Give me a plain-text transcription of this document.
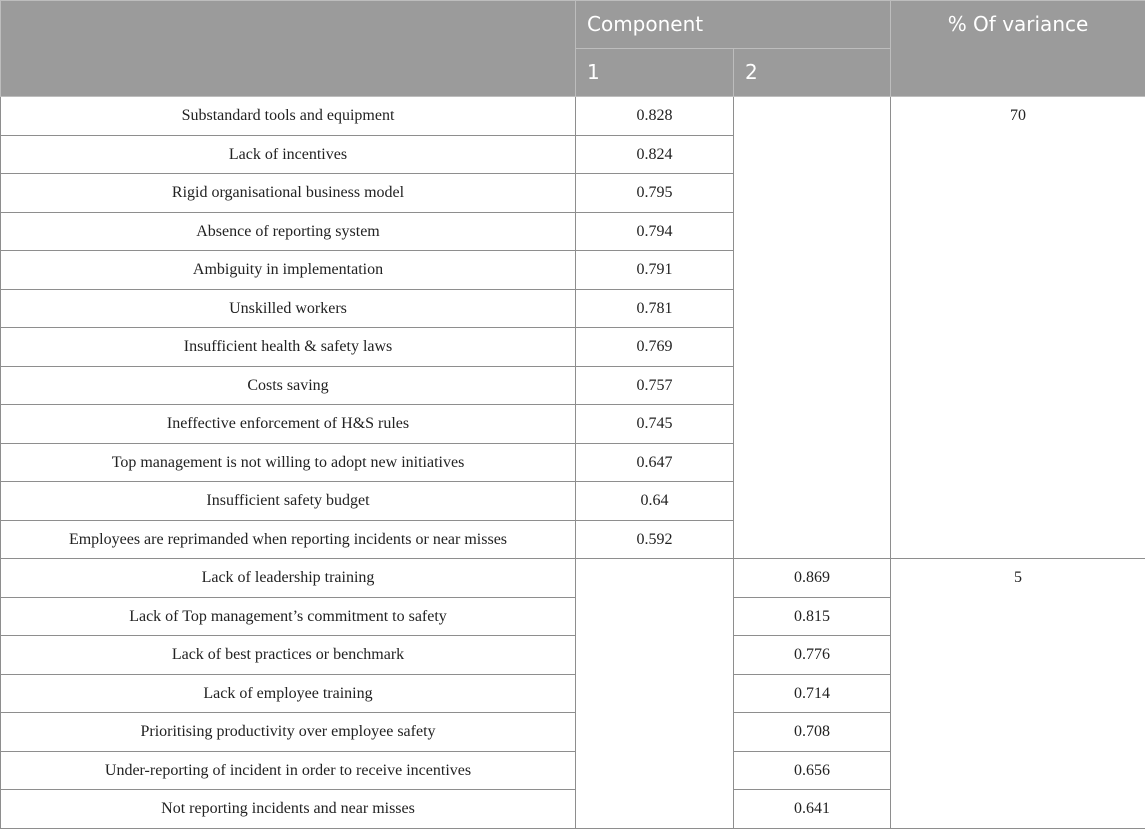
	Component		% Of variance
	1	2	
Substandard tools and equipment	0.828		70
Lack of incentives	0.824		
Rigid organisational business model	0.795		
Absence of reporting system	0.794		
Ambiguity in implementation	0.791		
Unskilled workers	0.781		
Insufficient health & safety laws	0.769		
Costs saving	0.757		
Ineffective enforcement of H&S rules	0.745		
Top management is not willing to adopt new initiatives	0.647		
Insufficient safety budget	0.64		
Employees are reprimanded when reporting incidents or near misses	0.592		
Lack of leadership training		0.869	5
Lack of Top management’s commitment to safety		0.815	
Lack of best practices or benchmark		0.776	
Lack of employee training		0.714	
Prioritising productivity over employee safety		0.708	
Under-reporting of incident in order to receive incentives		0.656	
Not reporting incidents and near misses		0.641	
